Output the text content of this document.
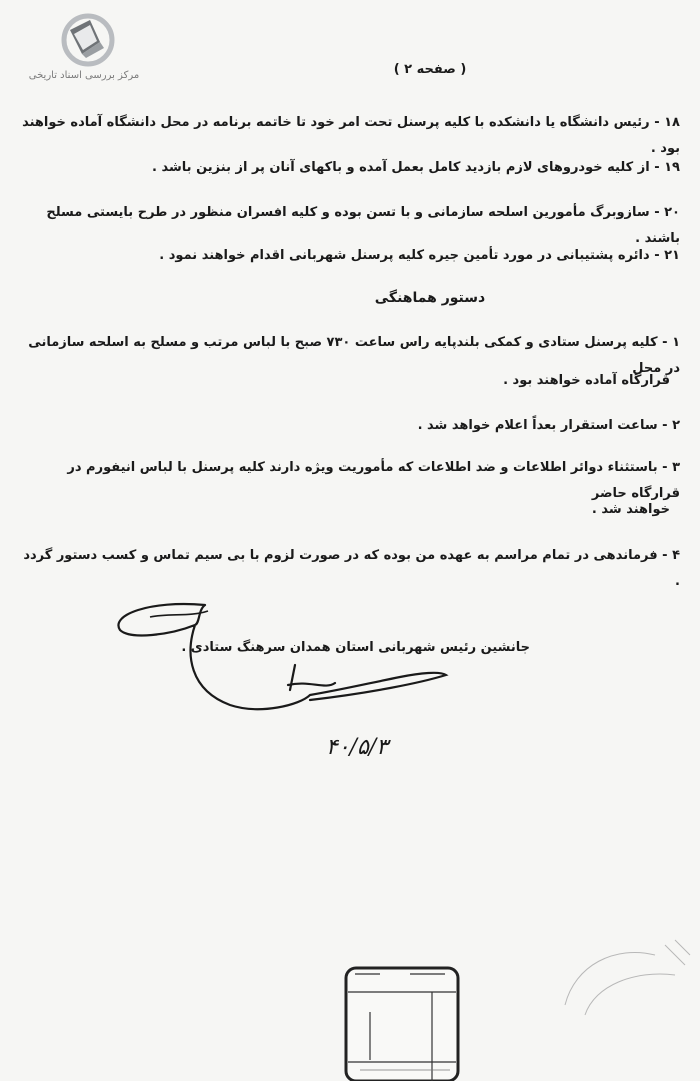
مرکز بررسی اسناد تاریخی	( صفحه ۲ )
۱۸ - رئیس دانشگاه یا دانشکده با کلیه پرسنل تحت امر خود تا خاتمه برنامه در محل دانشگاه آماده خواهند بود .
۱۹ - از کلیه خودروهای لازم بازدید کامل بعمل آمده و باکهای آنان پر از بنزین باشد .
۲۰ - سازوبرگ مأمورین اسلحه سازمانی و با تسن بوده و کلیه افسران منظور در طرح بایستی مسلح باشند .
۲۱ - دائره پشتیبانی در مورد تأمین جیره کلیه پرسنل شهربانی اقدام خواهند نمود .
دستور هماهنگی
۱ - کلیه پرسنل ستادی و کمکی بلندپایه راس ساعت ۷۳۰ صبح با لباس مرتب و مسلح به اسلحه سازمانی در محل
قرارگاه آماده خواهند بود .
۲ - ساعت استقرار بعداً اعلام خواهد شد .
۳ - باستثناء دوائر اطلاعات و ضد اطلاعات که مأموریت ویژه دارند کلیه پرسنل با لباس انیفورم در قرارگاه حاضر
خواهند شد .
۴ - فرماندهی در تمام مراسم به عهده من بوده که در صورت لزوم با بی سیم تماس و کسب دستور گردد .
جانشین رئیس شهربانی استان همدان سرهنگ ستادی .
۴۰/۵/۳
